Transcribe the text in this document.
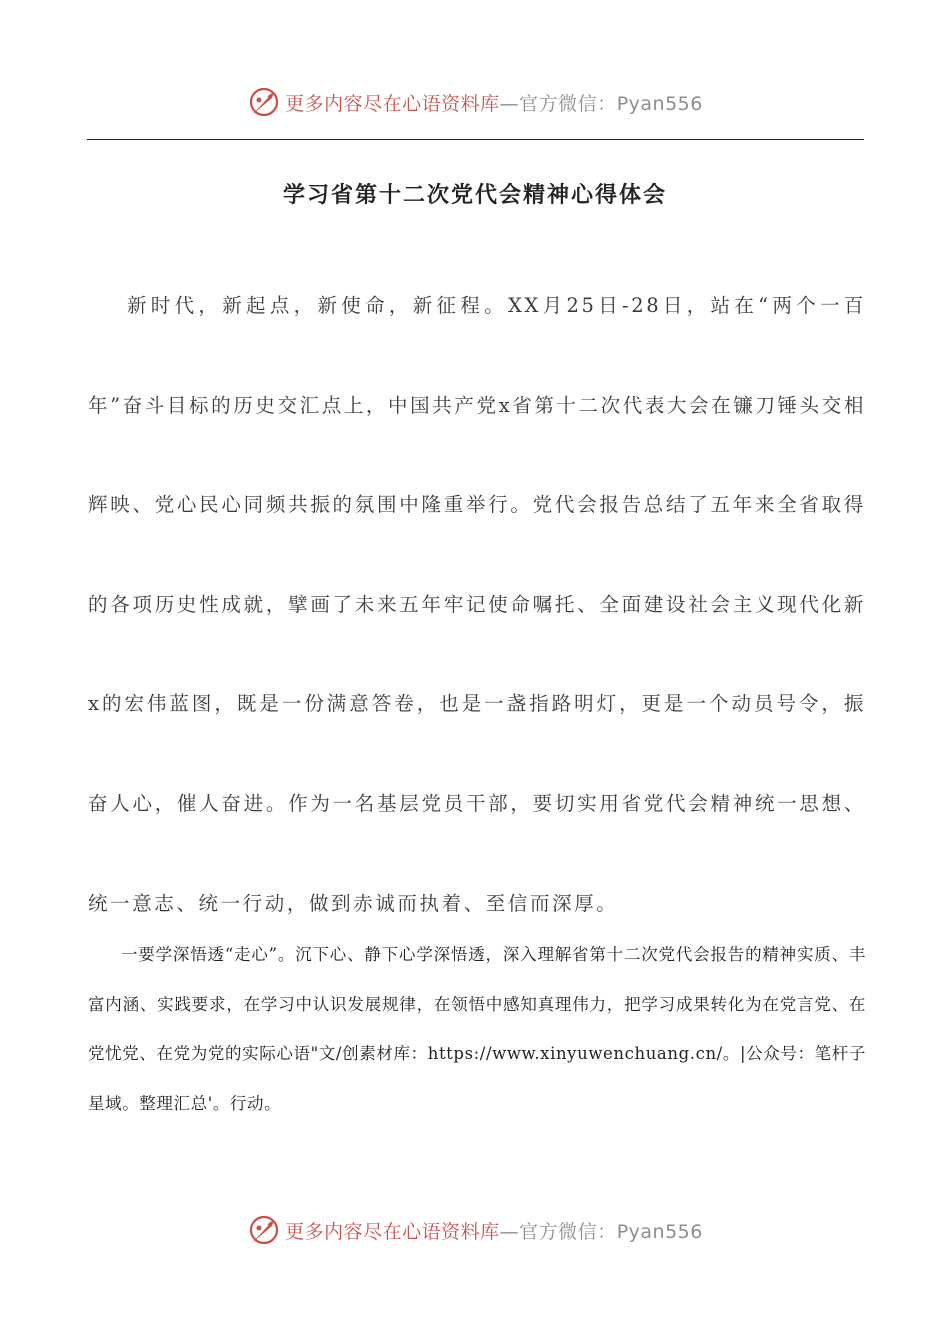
更多内容尽在心语资料库—官方微信：Pyan556
学习省第十二次党代会精神心得体会

新时代，新起点，新使命，新征程。XX月25日-28日，站在“两个一百年”奋斗目标的历史交汇点上，中国共产党x省第十二次代表大会在镰刀锤头交相辉映、党心民心同频共振的氛围中隆重举行。党代会报告总结了五年来全省取得的各项历史性成就，擘画了未来五年牢记使命嘱托、全面建设社会主义现代化新x的宏伟蓝图，既是一份满意答卷，也是一盏指路明灯，更是一个动员号令，振奋人心，催人奋进。作为一名基层党员干部，要切实用省党代会精神统一思想、统一意志、统一行动，做到赤诚而执着、至信而深厚。

一要学深悟透“走心”。沉下心、静下心学深悟透，深入理解省第十二次党代会报告的精神实质、丰富内涵、实践要求，在学习中认识发展规律，在领悟中感知真理伟力，把学习成果转化为在党言党、在党忧党、在党为党的实际心语"文/创素材库：https://www.xinyuwenchuang.cn/。|公众号：笔杆子星域。整理汇总'。行动。

更多内容尽在心语资料库—官方微信：Pyan556
